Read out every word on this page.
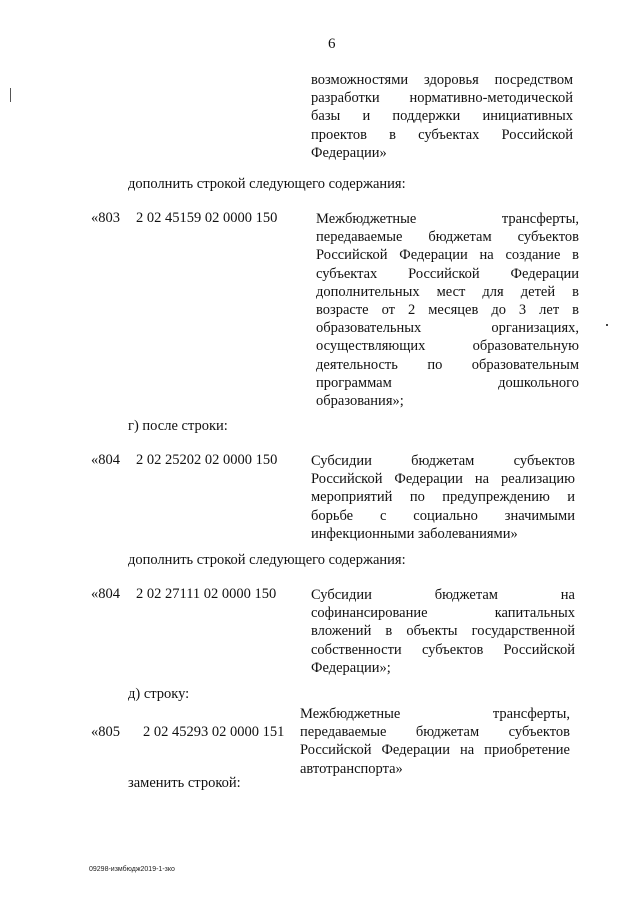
6
возможностями здоровья посредством
разработки нормативно-методической
базы и поддержки инициативных
проектов в субъектах Российской
Федерации»
дополнить строкой следующего содержания:
«803 2 02 45159 02 0000 150	Межбюджетные трансферты,
передаваемые бюджетам субъектов
Российской Федерации на создание в
субъектах Российской Федерации
дополнительных мест для детей в
возрасте от 2 месяцев до 3 лет в
образовательных организациях,
осуществляющих образовательную
деятельность по образовательным
программам дошкольного
образования»;
г) после строки:
«804 2 02 25202 02 0000 150 Субсидии бюджетам субъектов
Российской Федерации на реализацию
мероприятий по предупреждению и
борьбе с социально значимыми
инфекционными заболеваниями»
дополнить строкой следующего содержания:
«804 2 02 27111 02 0000 150 Субсидии бюджетам на
софинансирование капитальных
вложений в объекты государственной
собственности субъектов Российской
Федерации»;
д) строку:
«805 2 02 45293 02 0000 151
Межбюджетные трансферты,
передаваемые бюджетам субъектов
Российской Федерации на приобретение
автотранспорта»
заменить строкой:
09298-измбюдж2019-1-зко
